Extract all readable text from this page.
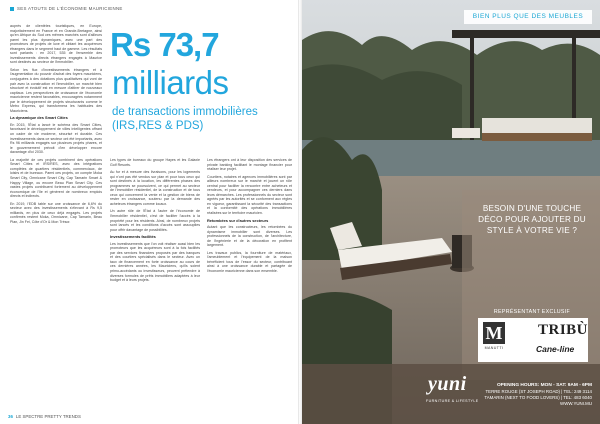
SES ATOUTS DE L'ÉCONOMIE MAURICIENNE

auprès de clientèles touristiques, en Europe, majoritairement en France et en Grande-Bretagne, ainsi qu'en Afrique du Sud ces mêmes marchés sont d'ailleurs parmi les plus dynamiques, avec une part des promoteurs de projets de luxe et ciblant les acquéreurs étrangers dans le segment haut de gamme. Les résultats sont parlants : en 2017, 535 de l'ensemble des investissements directs étrangers engagés à Maurice sont destinés au secteur de l'immobilier.

Selon les flux d'investissements étrangers et à l'augmentation du pouvoir d'achat des foyers mauriciens, conjuguées à des dotations plus qualitatives qui vont de pair avec la construction et l'immobilier, un marché bien structuré et évolutif est en mesure d'attirer de nouveaux capitaux. Les perspectives de croissance de l'économie mauricienne restent favorables, encouragées notamment par le développement de projets structurants comme le Metro Express, qui transformera les habitudes des Mauriciens.

La dynamique des Smart Cities

En 2015, l'État a lancé le schéma des Smart Cities, favorisant le développement de villes intelligentes offrant un cadre de vie moderne, sécurisé et durable. Ces investissements dans ce secteur ont été importants, avec Rs 96 milliards engagés sur plusieurs projets phares, et le gouvernement prévoit d'en développer encore davantage d'ici 2030.

La majorité de ces projets combinent des opérations Smart Cities et IRS/RES, avec des intégrations complètes de quartiers résidentiels, commerciaux, de loisirs et de bureaux. Parmi ces projets, on compte Moka Smart City, Omnicane Smart City, Cap Tamarin Smart & Happy Village, ou encore Beau Plan Smart City. Ces vastes projets contribuent fortement au développement économique de l'île et génèrent de nombreux emplois directs et indirects.

En 2019, l'EDB table sur une croissance de 6,6% du secteur avec des investissements s'élevant à Rs 9,5 milliards, en plus de ceux déjà engagés. Les projets confirmés restent Moka, Omnicane, Cap Tamarin, Beau Plan, Jin Fei, Côte d'Or & Mon Trésor.

Rs 73,7
milliards
de transactions immobilières (IRS,RES & PDS)

Les types de bureaux du groupe Hayes et les Galaxie Golf Resorts.

Au fur et à mesure des livraisons, pour les logements qui n'ont pas été vendus sur plan et pour tous ceux qui sont destinés à la location, les différentes phases des programmes se poursuivent, ce qui permet au secteur de l'immobilier résidentiel, de la construction et de tous ceux qui concernent la vente et la gestion de biens de rester en croissance, soutenu par la demande des acheteurs étrangers comme locaux.

Un autre rôle de l'État à l'autre de l'économie de l'immobilier résidentiel, c'est de faciliter l'accès à la propriété pour les résidents. Ainsi, de nombreux projets sont lancés et les conditions d'accès sont assouplies pour offrir davantage de possibilités.

Investissements facilités

Les investissements que l'on voit réaliser aussi bien les promoteurs que les acquéreurs sont à la fois facilités par des services financiers proposés par des banques et des courtiers spécialisés dans le secteur. Avec un taux de financement en forte croissance au cours de ces dernières années, les Mauriciens, qu'ils soient primo-accédants ou investisseurs, peuvent prétendre à diverses formules de prêts immobiliers adaptées à leur budget et à leurs projets.

Les étrangers ont à leur disposition des services de private banking facilitant le montage financier pour réaliser leur projet.

Courtiers, notaires et agences immobilières sont par ailleurs nombreux sur le marché et jouent un rôle central pour faciliter la rencontre entre acheteurs et vendeurs, et pour accompagner ces derniers dans leurs démarches. Les professionnels du secteur sont agréés par les autorités et se conforment aux règles en vigueur, garantissant la sécurité des transactions et la conformité des opérations immobilières réalisées sur le territoire mauricien.

Retombées sur d'autres secteurs

Autant que les constructeurs, les retombées du dynamisme immobilier sont diverses. Les professionnels de la construction, de l'architecture, de l'ingénierie et de la décoration en profitent largement.

Les travaux publics, la fourniture de matériaux, l'ameublement et l'équipement de la maison bénéficient tous de l'essor du secteur, contribuant ainsi à une croissance durable et partagée de l'économie mauricienne dans son ensemble.

36 LE SPECTRE PRETTY TRENDS
BIEN PLUS QUE DES MEUBLES
BESOIN D'UNE TOUCHE DÉCO POUR AJOUTER DU STYLE À VOTRE VIE ?
REPRÉSENTANT EXCLUSIF
M
MANUTTI
TRIBÙ
Cane-line
yuni
FURNITURE & LIFESTYLE
OPENING HOURS: MON - SAT: 9AM - 6PM
TERRE ROUGE (ST JOSEPH ROAD) | TEL: 249 3114
TAMARIN (NEXT TO FOOD LOVERS) | TEL: 483 6040
WWW.YUNI.MU
